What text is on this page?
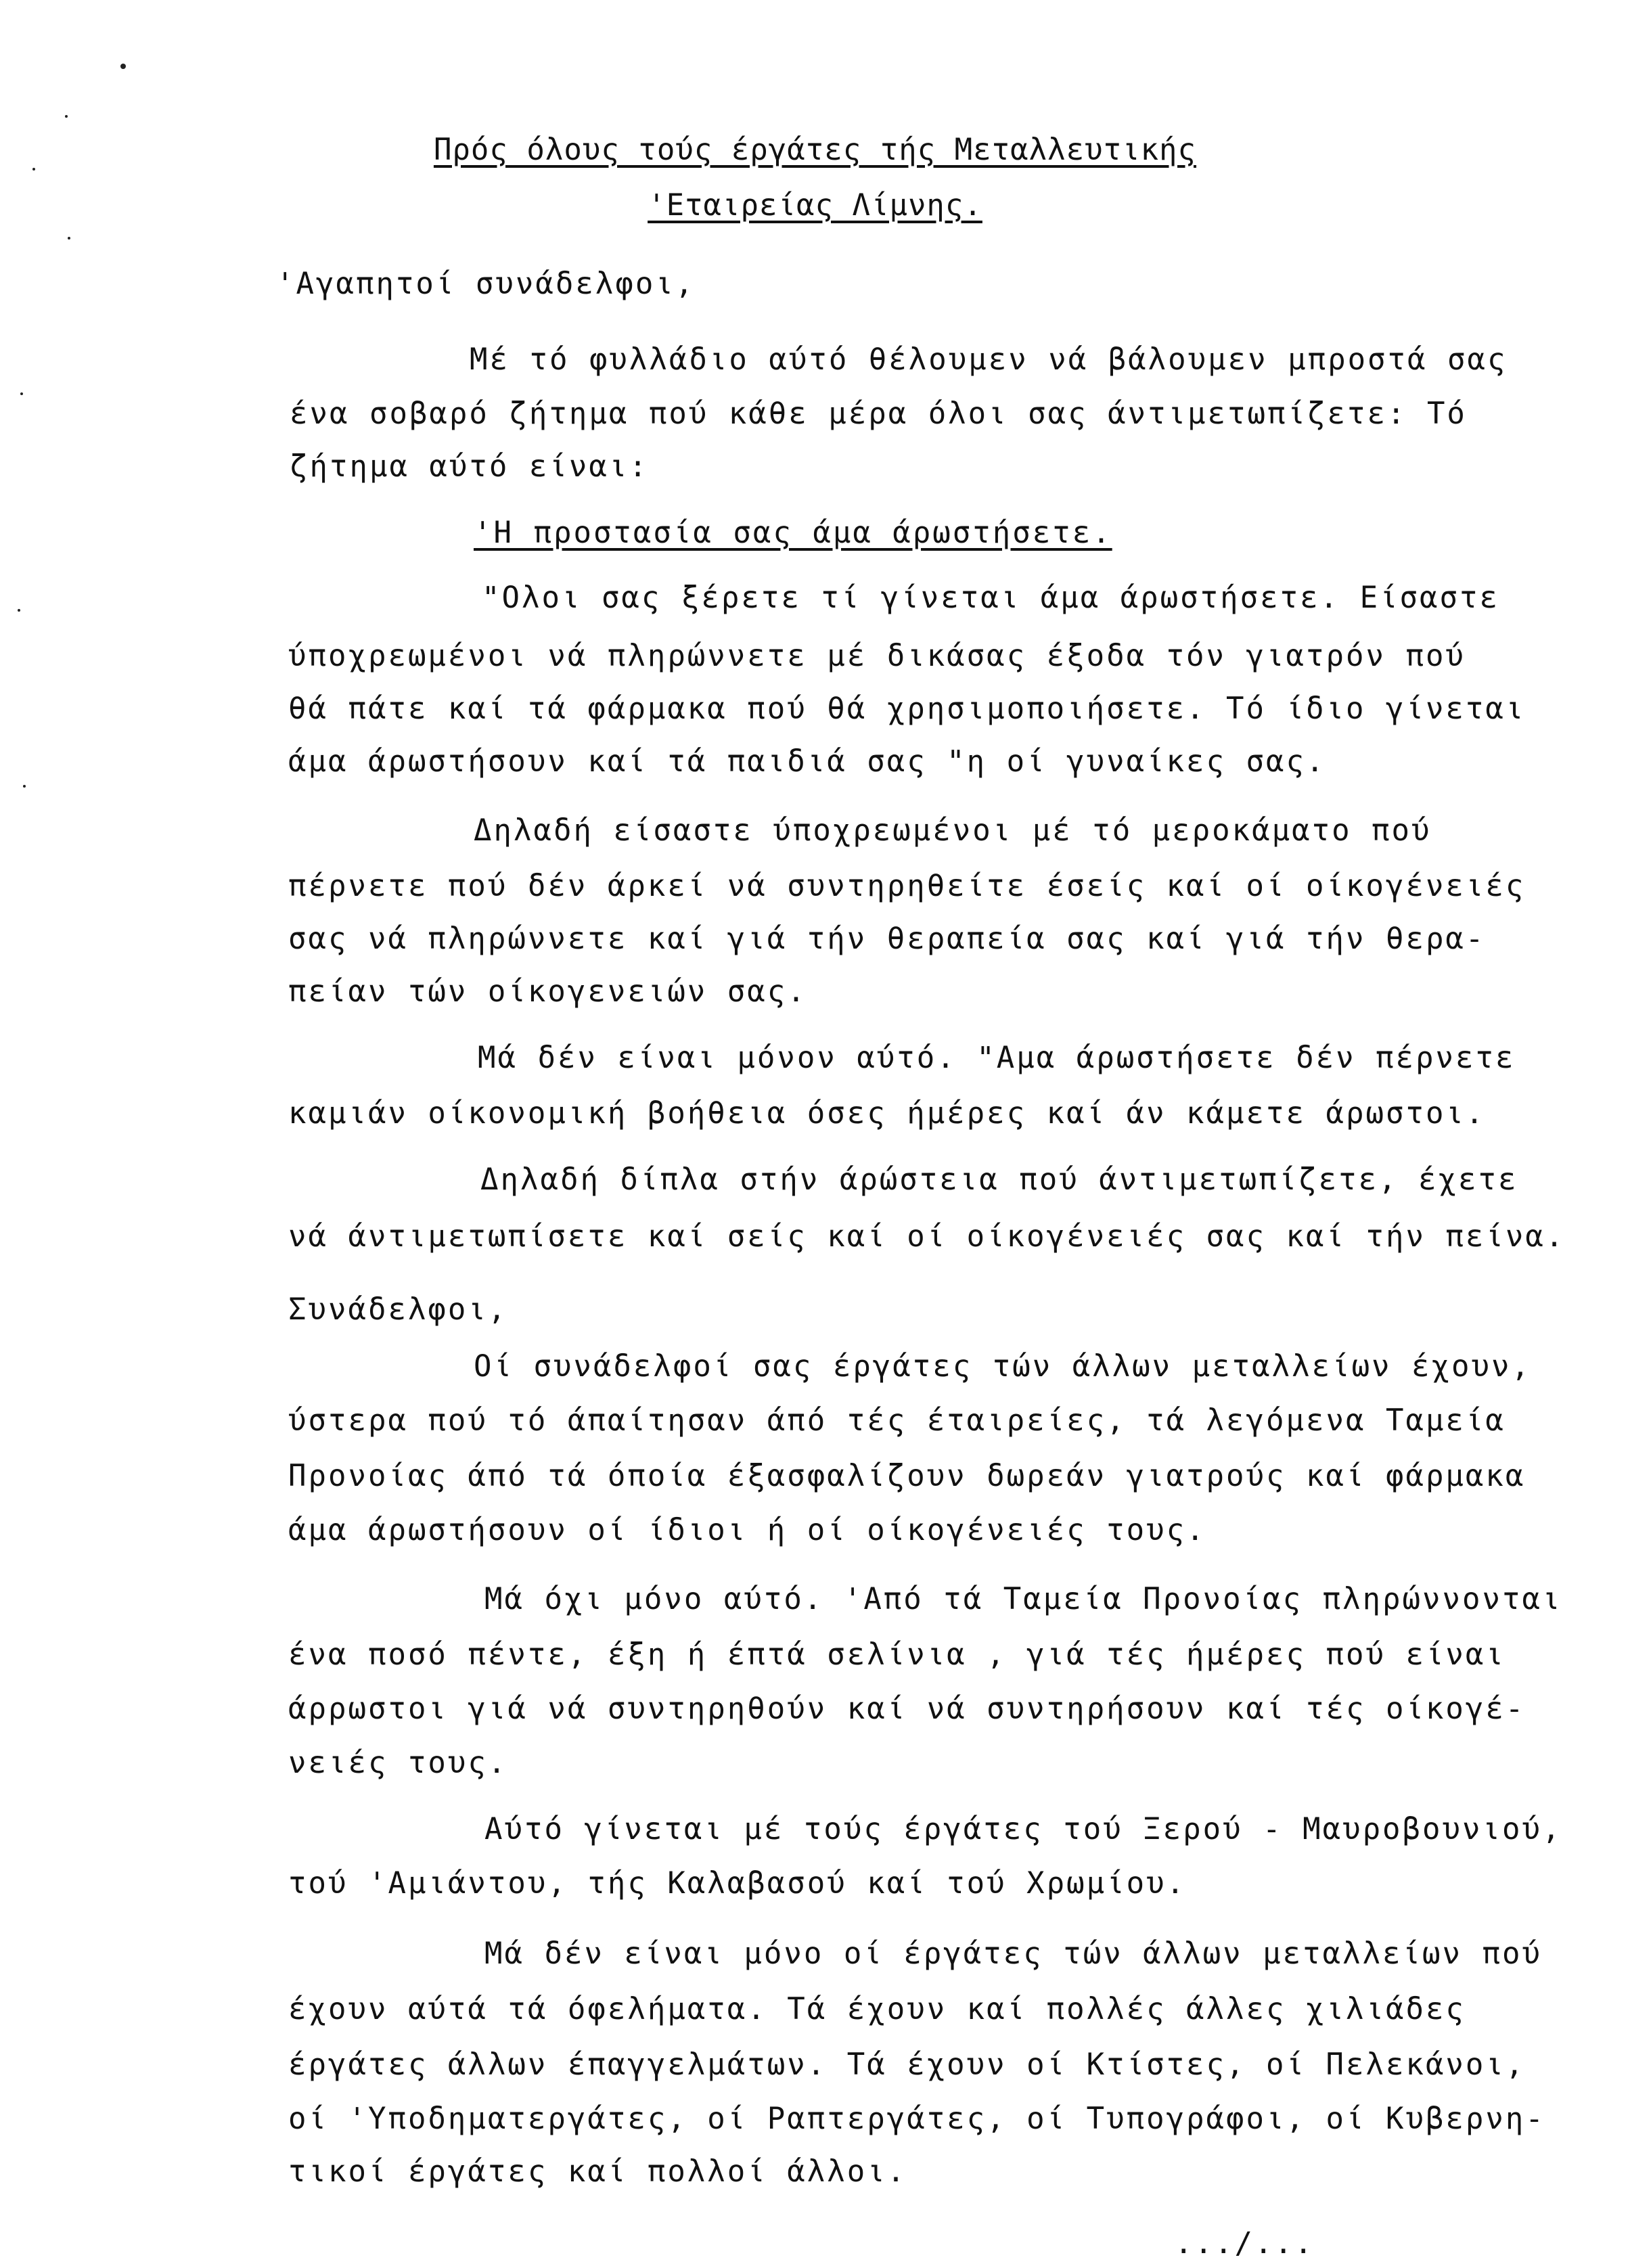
Πρός όλους τούς έργάτες τής Μεταλλευτικής
'Εταιρείας Λίμνης.
'Αγαπητοί συνάδελφοι,
Μέ τό φυλλάδιο αύτό θέλουμεν νά βάλουμεν μπροστά σας
ένα σοβαρό ζήτημα πού κάθε μέρα όλοι σας άντιμετωπίζετε: Τό
ζήτημα αύτό είναι:
'Η προστασία σας άμα άρωστήσετε.
"Ολοι σας ξέρετε τί γίνεται άμα άρωστήσετε. Είσαστε
ύποχρεωμένοι νά πληρώννετε μέ δικάσας έξοδα τόν γιατρόν πού
θά πάτε καί τά φάρμακα πού θά χρησιμοποιήσετε. Τό ίδιο γίνεται
άμα άρωστήσουν καί τά παιδιά σας "η οί γυναίκες σας.
Δηλαδή είσαστε ύποχρεωμένοι μέ τό μεροκάματο πού
πέρνετε πού δέν άρκεί νά συντηρηθείτε έσείς καί οί οίκογένειές
σας νά πληρώννετε καί γιά τήν θεραπεία σας καί γιά τήν θερα-
πείαν τών οίκογενειών σας.
Μά δέν είναι μόνον αύτό. "Αμα άρωστήσετε δέν πέρνετε
καμιάν οίκονομική βοήθεια όσες ήμέρες καί άν κάμετε άρωστοι.
Δηλαδή δίπλα στήν άρώστεια πού άντιμετωπίζετε, έχετε
νά άντιμετωπίσετε καί σείς καί οί οίκογένειές σας καί τήν πείνα.
Συνάδελφοι,
Οί συνάδελφοί σας έργάτες τών άλλων μεταλλείων έχουν,
ύστερα πού τό άπαίτησαν άπό τές έταιρείες, τά λεγόμενα Ταμεία
Προνοίας άπό τά όποία έξασφαλίζουν δωρεάν γιατρούς καί φάρμακα
άμα άρωστήσουν οί ίδιοι ή οί οίκογένειές τους.
Μά όχι μόνο αύτό. 'Από τά Ταμεία Προνοίας πληρώννονται
ένα ποσό πέντε, έξη ή έπτά σελίνια , γιά τές ήμέρες πού είναι
άρρωστοι γιά νά συντηρηθούν καί νά συντηρήσουν καί τές οίκογέ-
νειές τους.
Αύτό γίνεται μέ τούς έργάτες τού Ξερού - Μαυροβουνιού,
τού 'Αμιάντου, τής Καλαβασού καί τού Χρωμίου.
Μά δέν είναι μόνο οί έργάτες τών άλλων μεταλλείων πού
έχουν αύτά τά όφελήματα. Τά έχουν καί πολλές άλλες χιλιάδες
έργάτες άλλων έπαγγελμάτων. Τά έχουν οί Κτίστες, οί Πελεκάνοι,
οί 'Υποδηματεργάτες, οί Ραπτεργάτες, οί Τυπογράφοι, οί Κυβερνη-
τικοί έργάτες καί πολλοί άλλοι.
.../...
